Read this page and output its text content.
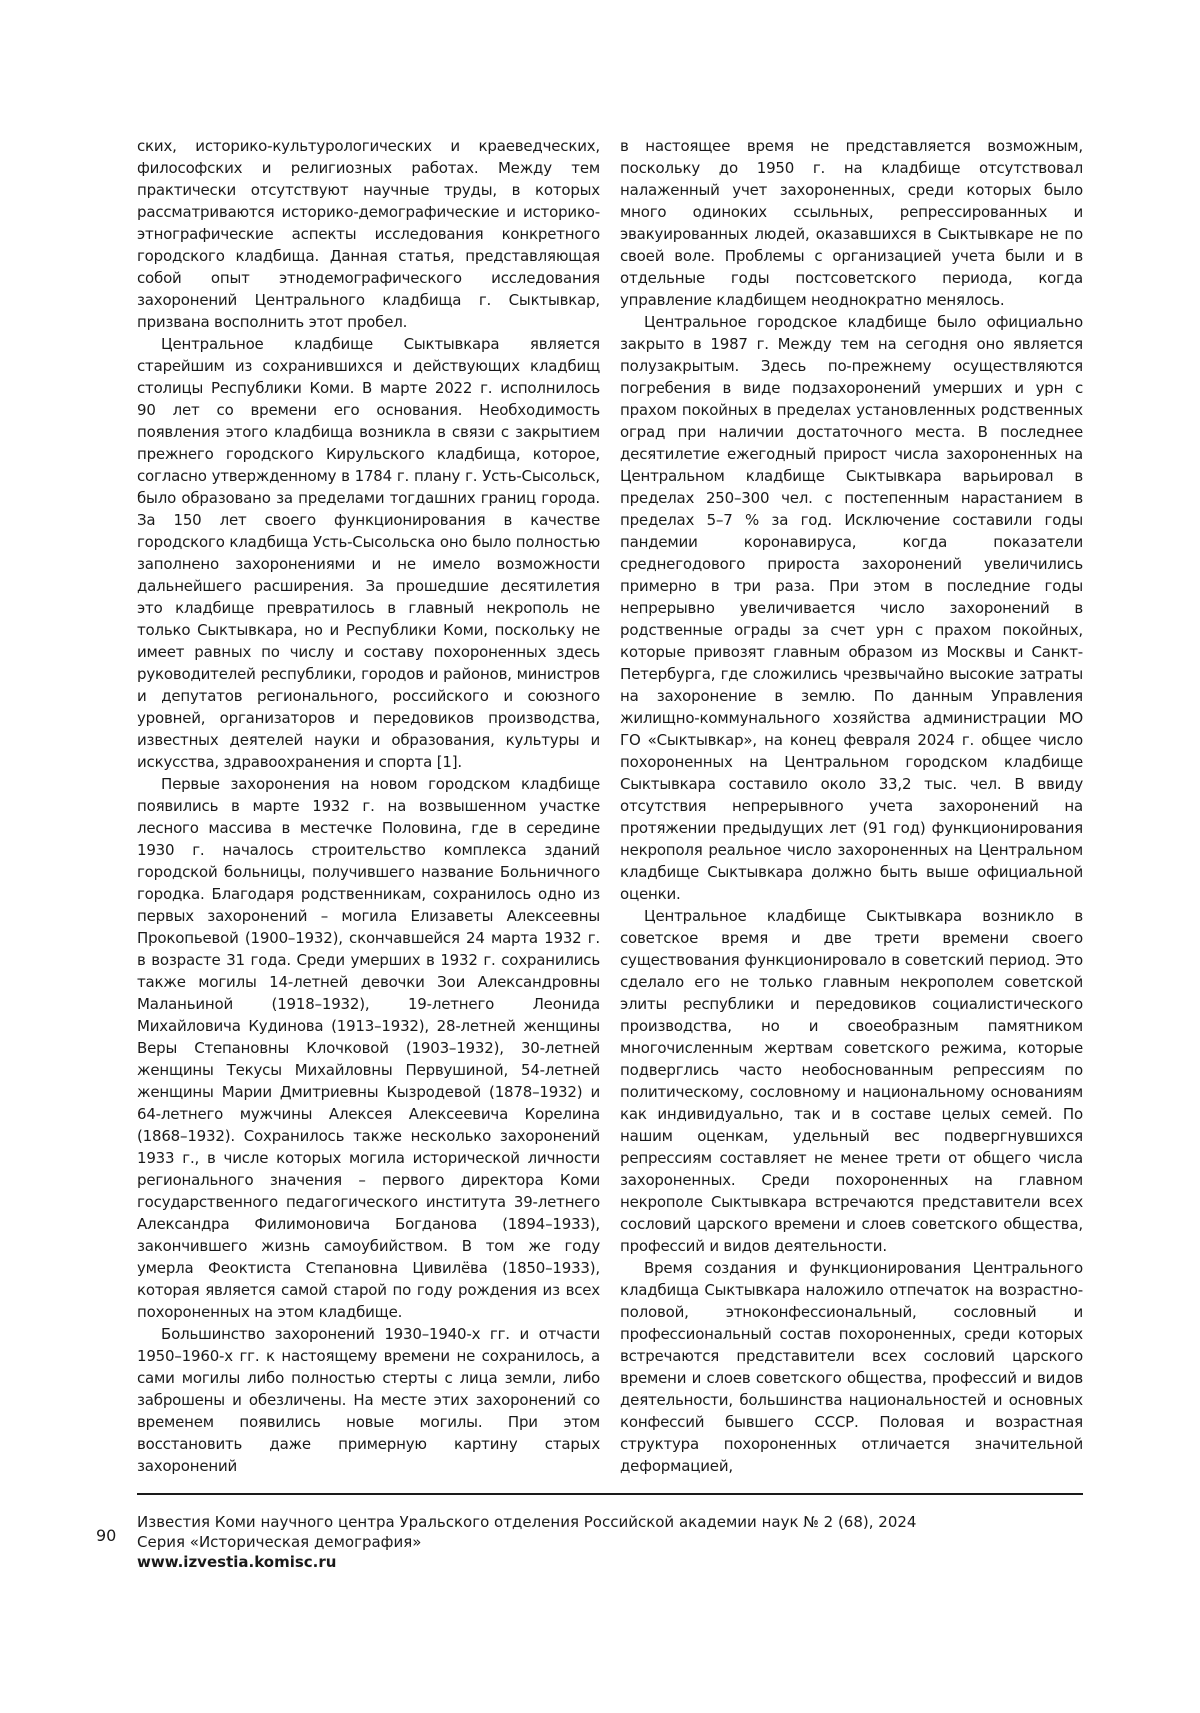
ских, историко-культурологических и краеведческих, философских и религиозных работах. Между тем практически отсутствуют научные труды, в которых рассматриваются историко-демографические и историко-этнографические аспекты исследования конкретного городского кладбища. Данная статья, представляющая собой опыт этнодемографического исследования захоронений Центрального кладбища г. Сыктывкар, призвана восполнить этот пробел.

Центральное кладбище Сыктывкара является старейшим из сохранившихся и действующих кладбищ столицы Республики Коми. В марте 2022 г. исполнилось 90 лет со времени его основания. Необходимость появления этого кладбища возникла в связи с закрытием прежнего городского Кирульского кладбища, которое, согласно утвержденному в 1784 г. плану г. Усть-Сысольск, было образовано за пределами тогдашних границ города. За 150 лет своего функционирования в качестве городского кладбища Усть-Сысольска оно было полностью заполнено захоронениями и не имело возможности дальнейшего расширения. За прошедшие десятилетия это кладбище превратилось в главный некрополь не только Сыктывкара, но и Республики Коми, поскольку не имеет равных по числу и составу похороненных здесь руководителей республики, городов и районов, министров и депутатов регионального, российского и союзного уровней, организаторов и передовиков производства, известных деятелей науки и образования, культуры и искусства, здравоохранения и спорта [1].

Первые захоронения на новом городском кладбище появились в марте 1932 г. на возвышенном участке лесного массива в местечке Половина, где в середине 1930 г. началось строительство комплекса зданий городской больницы, получившего название Больничного городка. Благодаря родственникам, сохранилось одно из первых захоронений – могила Елизаветы Алексеевны Прокопьевой (1900–1932), скончавшейся 24 марта 1932 г. в возрасте 31 года. Среди умерших в 1932 г. сохранились также могилы 14-летней девочки Зои Александровны Маланьиной (1918–1932), 19-летнего Леонида Михайловича Кудинова (1913–1932), 28-летней женщины Веры Степановны Клочковой (1903–1932), 30-летней женщины Текусы Михайловны Первушиной, 54-летней женщины Марии Дмитриевны Кызродевой (1878–1932) и 64-летнего мужчины Алексея Алексеевича Корелина (1868–1932). Сохранилось также несколько захоронений 1933 г., в числе которых могила исторической личности регионального значения – первого директора Коми государственного педагогического института 39-летнего Александра Филимоновича Богданова (1894–1933), закончившего жизнь самоубийством. В том же году умерла Феоктиста Степановна Цивилёва (1850–1933), которая является самой старой по году рождения из всех похороненных на этом кладбище.

Большинство захоронений 1930–1940-х гг. и отчасти 1950–1960-х гг. к настоящему времени не сохранилось, а сами могилы либо полностью стерты с лица земли, либо заброшены и обезличены. На месте этих захоронений со временем появились новые могилы. При этом восстановить даже примерную картину старых захоронений

в настоящее время не представляется возможным, поскольку до 1950 г. на кладбище отсутствовал налаженный учет захороненных, среди которых было много одиноких ссыльных, репрессированных и эвакуированных людей, оказавшихся в Сыктывкаре не по своей воле. Проблемы с организацией учета были и в отдельные годы постсоветского периода, когда управление кладбищем неоднократно менялось.

Центральное городское кладбище было официально закрыто в 1987 г. Между тем на сегодня оно является полузакрытым. Здесь по-прежнему осуществляются погребения в виде подзахоронений умерших и урн с прахом покойных в пределах установленных родственных оград при наличии достаточного места. В последнее десятилетие ежегодный прирост числа захороненных на Центральном кладбище Сыктывкара варьировал в пределах 250–300 чел. с постепенным нарастанием в пределах 5–7 % за год. Исключение составили годы пандемии коронавируса, когда показатели среднегодового прироста захоронений увеличились примерно в три раза. При этом в последние годы непрерывно увеличивается число захоронений в родственные ограды за счет урн с прахом покойных, которые привозят главным образом из Москвы и Санкт-Петербурга, где сложились чрезвычайно высокие затраты на захоронение в землю. По данным Управления жилищно-коммунального хозяйства администрации МО ГО «Сыктывкар», на конец февраля 2024 г. общее число похороненных на Центральном городском кладбище Сыктывкара составило около 33,2 тыс. чел. В ввиду отсутствия непрерывного учета захоронений на протяжении предыдущих лет (91 год) функционирования некрополя реальное число захороненных на Центральном кладбище Сыктывкара должно быть выше официальной оценки.

Центральное кладбище Сыктывкара возникло в советское время и две трети времени своего существования функционировало в советский период. Это сделало его не только главным некрополем советской элиты республики и передовиков социалистического производства, но и своеобразным памятником многочисленным жертвам советского режима, которые подверглись часто необоснованным репрессиям по политическому, сословному и национальному основаниям как индивидуально, так и в составе целых семей. По нашим оценкам, удельный вес подвергнувшихся репрессиям составляет не менее трети от общего числа захороненных. Среди похороненных на главном некрополе Сыктывкара встречаются представители всех сословий царского времени и слоев советского общества, профессий и видов деятельности.

Время создания и функционирования Центрального кладбища Сыктывкара наложило отпечаток на возрастно-половой, этноконфессиональный, сословный и профессиональный состав похороненных, среди которых встречаются представители всех сословий царского времени и слоев советского общества, профессий и видов деятельности, большинства национальностей и основных конфессий бывшего СССР. Половая и возрастная структура похороненных отличается значительной деформацией,

90
Известия Коми научного центра Уральского отделения Российской академии наук № 2 (68), 2024
Серия «Историческая демография»
www.izvestia.komisc.ru
